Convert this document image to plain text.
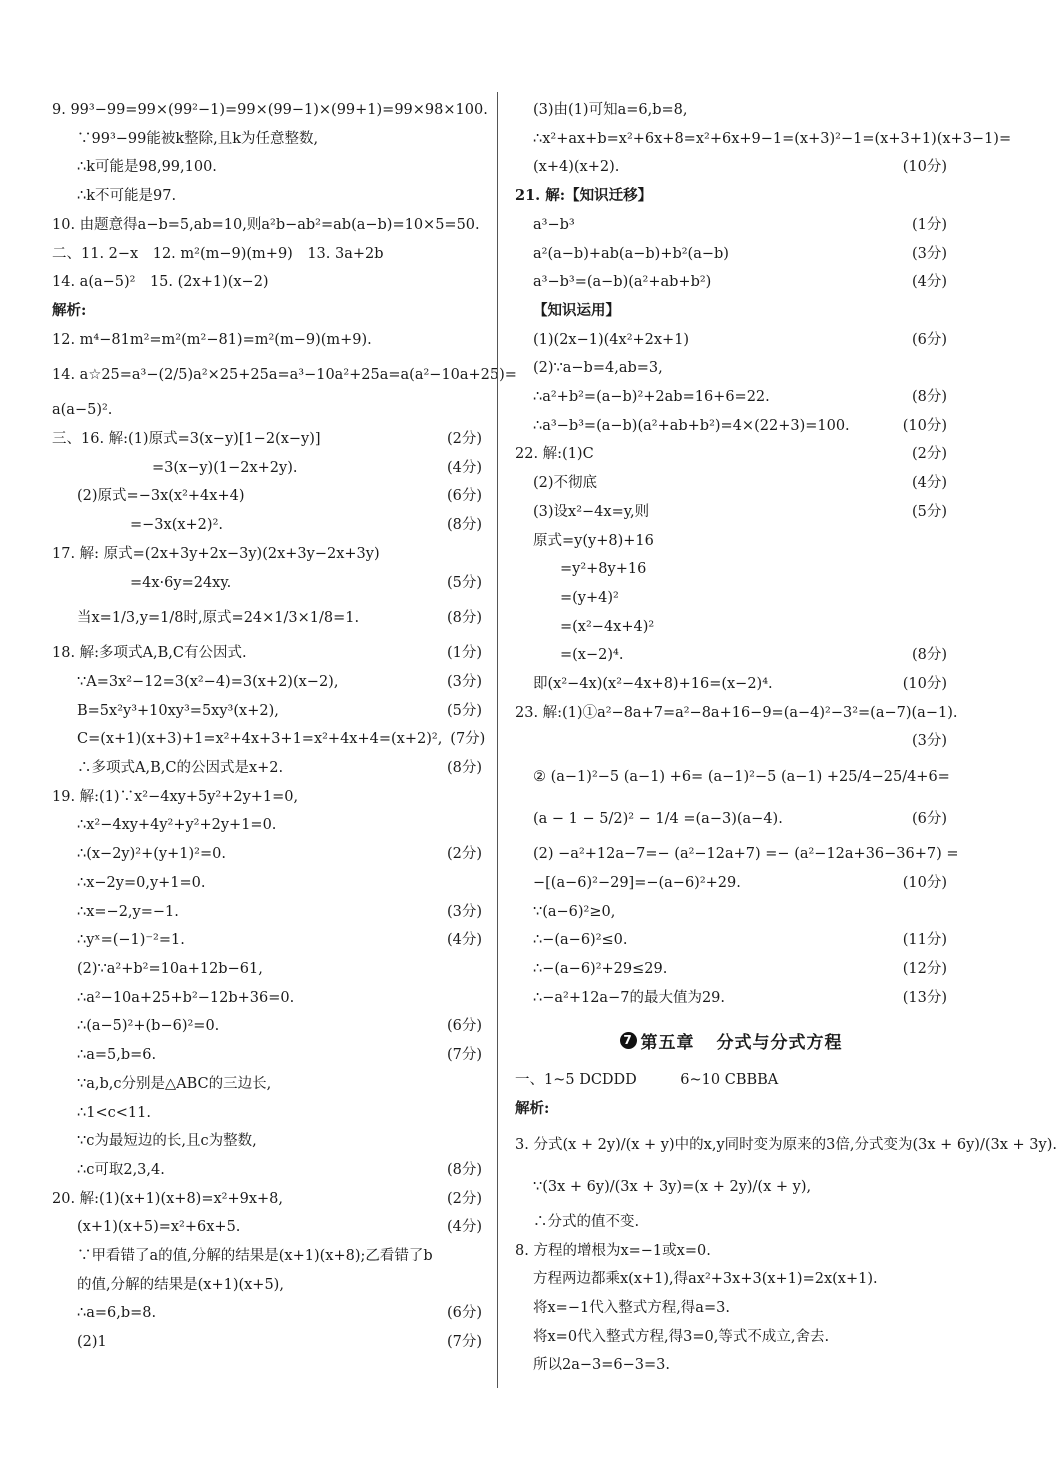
9. 99³−99=99×(99²−1)=99×(99−1)×(99+1)=99×98×100.
∵99³−99能被k整除,且k为任意整数,
∴k可能是98,99,100.
∴k不可能是97.
10. 由题意得a−b=5,ab=10,则a²b−ab²=ab(a−b)=10×5=50.
二、11. 2−x　12. m²(m−9)(m+9)　13. 3a+2b
14. a(a−5)²　15. (2x+1)(x−2)
解析:
12. m⁴−81m²=m²(m²−81)=m²(m−9)(m+9).
14. a☆25=a³−(2/5)a²×25+25a=a³−10a²+25a=a(a²−10a+25)=
a(a−5)².
三、16. 解:(1)原式=3(x−y)[1−2(x−y)]	(2分)
=3(x−y)(1−2x+2y).	(4分)
(2)原式=−3x(x²+4x+4)	(6分)
=−3x(x+2)².	(8分)
17. 解: 原式=(2x+3y+2x−3y)(2x+3y−2x+3y)
=4x·6y=24xy.	(5分)
当x=1/3,y=1/8时,原式=24×1/3×1/8=1.	(8分)
18. 解:多项式A,B,C有公因式.	(1分)
∵A=3x²−12=3(x²−4)=3(x+2)(x−2),	(3分)
B=5x²y³+10xy³=5xy³(x+2),	(5分)
C=(x+1)(x+3)+1=x²+4x+3+1=x²+4x+4=(x+2)², (7分)
∴多项式A,B,C的公因式是x+2.	(8分)
19. 解:(1)∵x²−4xy+5y²+2y+1=0,
∴x²−4xy+4y²+y²+2y+1=0.
∴(x−2y)²+(y+1)²=0.	(2分)
∴x−2y=0,y+1=0.
∴x=−2,y=−1.	(3分)
∴yˣ=(−1)⁻²=1.	(4分)
(2)∵a²+b²=10a+12b−61,
∴a²−10a+25+b²−12b+36=0.
∴(a−5)²+(b−6)²=0.	(6分)
∴a=5,b=6.	(7分)
∵a,b,c分别是△ABC的三边长,
∴1<c<11.
∵c为最短边的长,且c为整数,
∴c可取2,3,4.	(8分)
20. 解:(1)(x+1)(x+8)=x²+9x+8,	(2分)
(x+1)(x+5)=x²+6x+5.	(4分)
∵甲看错了a的值,分解的结果是(x+1)(x+8);乙看错了b
的值,分解的结果是(x+1)(x+5),
∴a=6,b=8.	(6分)
(2)1	(7分)
(3)由(1)可知a=6,b=8,
∴x²+ax+b=x²+6x+8=x²+6x+9−1=(x+3)²−1=(x+3+1)(x+3−1)=
(x+4)(x+2).	(10分)
21. 解:【知识迁移】
a³−b³	(1分)
a²(a−b)+ab(a−b)+b²(a−b)	(3分)
a³−b³=(a−b)(a²+ab+b²)	(4分)
【知识运用】
(1)(2x−1)(4x²+2x+1)	(6分)
(2)∵a−b=4,ab=3,
∴a²+b²=(a−b)²+2ab=16+6=22.	(8分)
∴a³−b³=(a−b)(a²+ab+b²)=4×(22+3)=100.	(10分)
22. 解:(1)C	(2分)
(2)不彻底	(4分)
(3)设x²−4x=y,则	(5分)
原式=y(y+8)+16
=y²+8y+16
=(y+4)²
=(x²−4x+4)²
=(x−2)⁴.	(8分)
即(x²−4x)(x²−4x+8)+16=(x−2)⁴.	(10分)
23. 解:(1)①a²−8a+7=a²−8a+16−9=(a−4)²−3²=(a−7)(a−1).
(3分)
② (a−1)²−5 (a−1) +6= (a−1)²−5 (a−1) +25/4−25/4+6=
(a − 1 − 5/2)² − 1/4 =(a−3)(a−4).	(6分)
(2) −a²+12a−7=− (a²−12a+7) =− (a²−12a+36−36+7) =
−[(a−6)²−29]=−(a−6)²+29.	(10分)
∵(a−6)²≥0,
∴−(a−6)²≤0.	(11分)
∴−(a−6)²+29≤29.	(12分)
∴−a²+12a−7的最大值为29.	(13分)
7 第五章 分式与分式方程
一、1~5 DCDDD　　　6~10 CBBBA
解析:
3. 分式(x + 2y)/(x + y)中的x,y同时变为原来的3倍,分式变为(3x + 6y)/(3x + 3y).
∵(3x + 6y)/(3x + 3y)=(x + 2y)/(x + y),
∴分式的值不变.
8. 方程的增根为x=−1或x=0.
方程两边都乘x(x+1),得ax²+3x+3(x+1)=2x(x+1).
将x=−1代入整式方程,得a=3.
将x=0代入整式方程,得3=0,等式不成立,舍去.
所以2a−3=6−3=3.
